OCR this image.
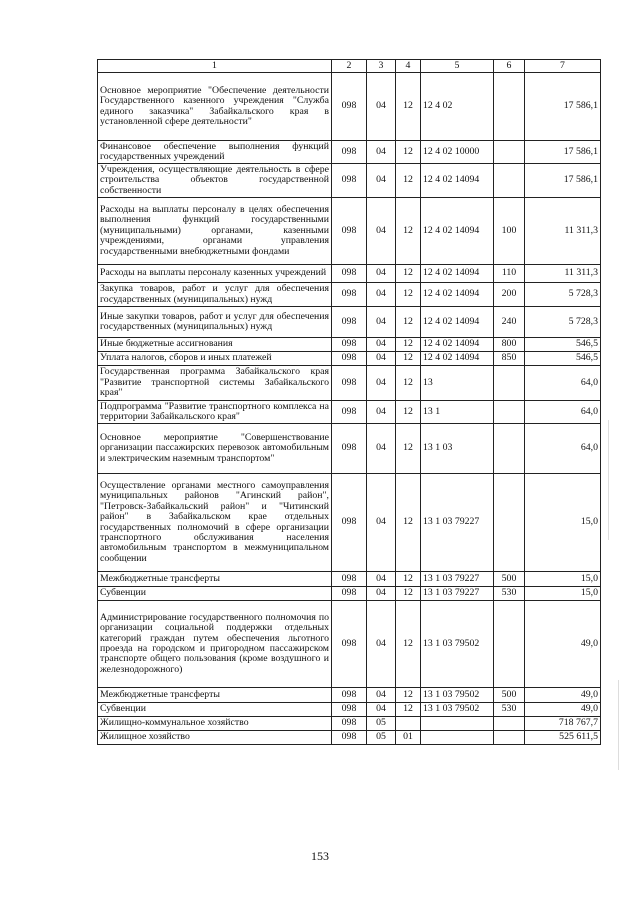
1	2	3	4	5	6	7
Основное мероприятие "Обеспечение деятельности Государственного казенного учреждения "Служба единого заказчика" Забайкальского края в установленной сфере деятельности"	098	04	12	12 4 02		17 586,1
Финансовое обеспечение выполнения функций государственных учреждений	098	04	12	12 4 02 10000		17 586,1
Учреждения, осуществляющие деятельность в сфере строительства объектов государственной собственности	098	04	12	12 4 02 14094		17 586,1
Расходы на выплаты персоналу в целях обеспечения выполнения функций государственными (муниципальными) органами, казенными учреждениями, органами управления государственными внебюджетными фондами	098	04	12	12 4 02 14094	100	11 311,3
Расходы на выплаты персоналу казенных учреждений	098	04	12	12 4 02 14094	110	11 311,3
Закупка товаров, работ и услуг для обеспечения государственных (муниципальных) нужд	098	04	12	12 4 02 14094	200	5 728,3
Иные закупки товаров, работ и услуг для обеспечения государственных (муниципальных) нужд	098	04	12	12 4 02 14094	240	5 728,3
Иные бюджетные ассигнования	098	04	12	12 4 02 14094	800	546,5
Уплата налогов, сборов и иных платежей	098	04	12	12 4 02 14094	850	546,5
Государственная программа Забайкальского края "Развитие транспортной системы Забайкальского края"	098	04	12	13		64,0
Подпрограмма "Развитие транспортного комплекса на территории Забайкальского края"	098	04	12	13 1		64,0
Основное мероприятие "Совершенствование организации пассажирских перевозок автомобильным и электрическим наземным транспортом"	098	04	12	13 1 03		64,0
Осуществление органами местного самоуправления муниципальных районов "Агинский район", "Петровск-Забайкальский район" и "Читинский район" в Забайкальском крае отдельных государственных полномочий в сфере организации транспортного обслуживания населения автомобильным транспортом в межмуниципальном сообщении	098	04	12	13 1 03 79227		15,0
Межбюджетные трансферты	098	04	12	13 1 03 79227	500	15,0
Субвенции	098	04	12	13 1 03 79227	530	15,0
Администрирование государственного полномочия по организации социальной поддержки отдельных категорий граждан путем обеспечения льготного проезда на городском и пригородном пассажирском транспорте общего пользования (кроме воздушного и железнодорожного)	098	04	12	13 1 03 79502		49,0
Межбюджетные трансферты	098	04	12	13 1 03 79502	500	49,0
Субвенции	098	04	12	13 1 03 79502	530	49,0
Жилищно-коммунальное хозяйство	098	05				718 767,7
Жилищное хозяйство	098	05	01			525 611,5
153
